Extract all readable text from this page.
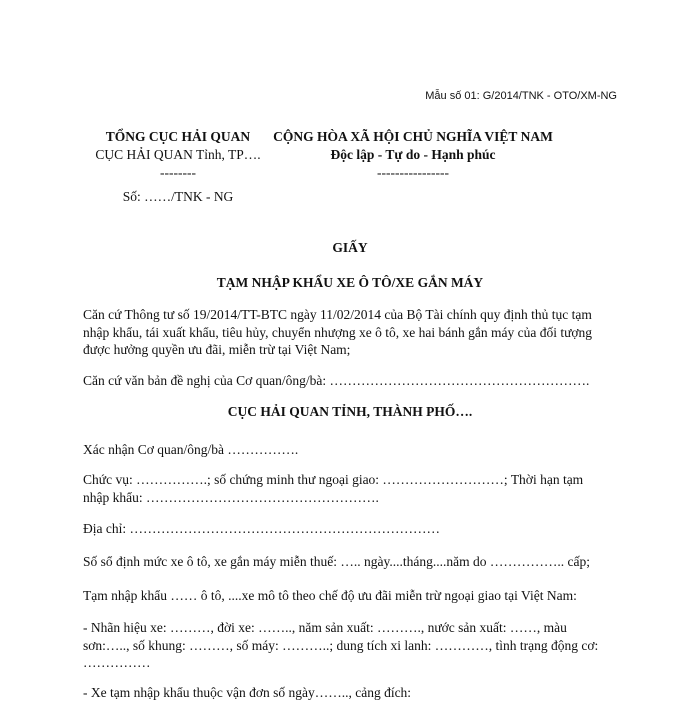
Mẫu số 01: G/2014/TNK - OTO/XM-NG
TỔNG CỤC HẢI QUAN
CỤC HẢI QUAN Tỉnh, TP….
--------
Số: ……/TNK - NG
CỘNG HÒA XÃ HỘI CHỦ NGHĨA VIỆT NAM
Độc lập - Tự do - Hạnh phúc
----------------
GIẤY
TẠM NHẬP KHẨU XE Ô TÔ/XE GẮN MÁY
Căn cứ Thông tư số 19/2014/TT-BTC ngày 11/02/2014 của Bộ Tài chính quy định thủ tục tạm nhập khẩu, tái xuất khẩu, tiêu hủy, chuyển nhượng xe ô tô, xe hai bánh gắn máy của đối tượng được hưởng quyền ưu đãi, miễn trừ tại Việt Nam;
Căn cứ văn bản đề nghị của Cơ quan/ông/bà: ………………………………………………….
CỤC HẢI QUAN TỈNH, THÀNH PHỐ….
Xác nhận Cơ quan/ông/bà …………….
Chức vụ: …………….; số chứng minh thư ngoại giao: ………………………; Thời hạn tạm nhập khẩu: …………………………………………….
Địa chỉ: ……………………………………………………………
Số sổ định mức xe ô tô, xe gắn máy miễn thuế: ….. ngày....tháng....năm do …………….. cấp;
Tạm nhập khẩu …… ô tô, ....xe mô tô theo chế độ ưu đãi miễn trừ ngoại giao tại Việt Nam:
- Nhãn hiệu xe: ………, đời xe: …….., năm sản xuất: ………., nước sản xuất: ……, màu sơn:….., số khung: ………, số máy: ………..; dung tích xi lanh: …………, tình trạng động cơ: ……………
- Xe tạm nhập khẩu thuộc vận đơn số ngày…….., cảng đích:
